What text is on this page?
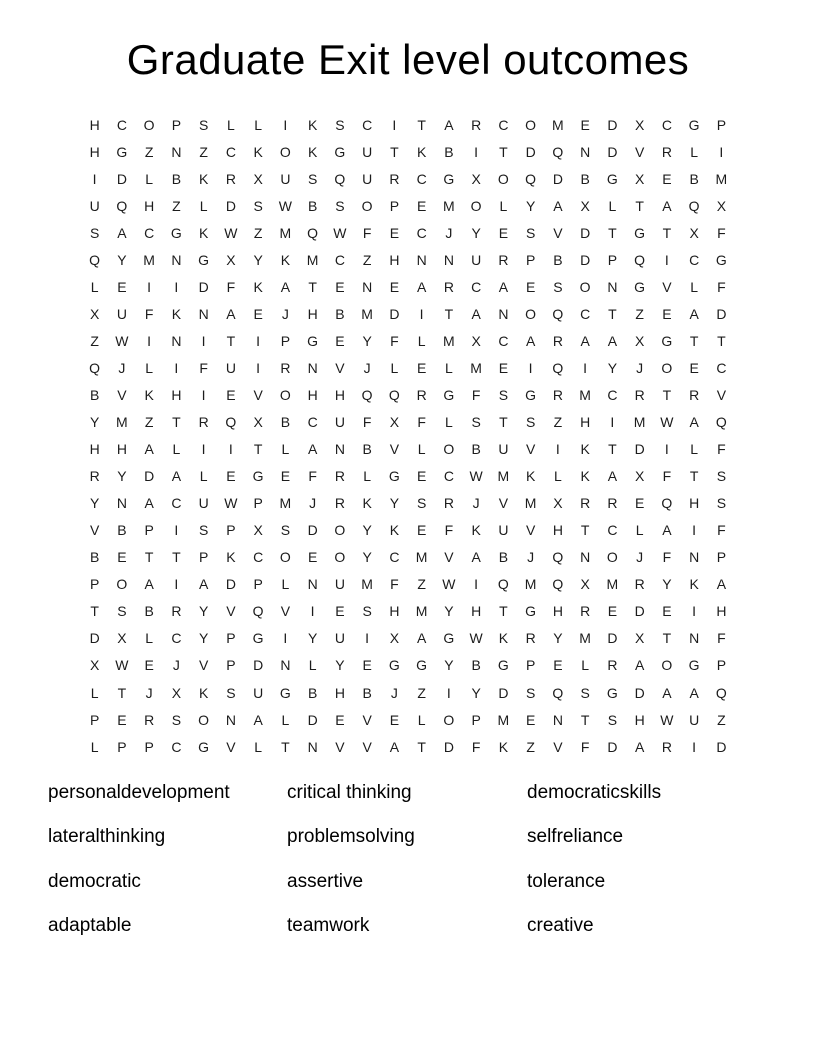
Graduate Exit level outcomes
H	C	O	P	S	L	L	I	K	S	C	I	T	A	R	C	O	M	E	D	X	C	G	P
H	G	Z	N	Z	C	K	O	K	G	U	T	K	B	I	T	D	Q	N	D	V	R	L	I
I	D	L	B	K	R	X	U	S	Q	U	R	C	G	X	O	Q	D	B	G	X	E	B	M
U	Q	H	Z	L	D	S	W	B	S	O	P	E	M	O	L	Y	A	X	L	T	A	Q	X
S	A	C	G	K	W	Z	M	Q	W	F	E	C	J	Y	E	S	V	D	T	G	T	X	F
Q	Y	M	N	G	X	Y	K	M	C	Z	H	N	N	U	R	P	B	D	P	Q	I	C	G
L	E	I	I	D	F	K	A	T	E	N	E	A	R	C	A	E	S	O	N	G	V	L	F
X	U	F	K	N	A	E	J	H	B	M	D	I	T	A	N	O	Q	C	T	Z	E	A	D
Z	W	I	N	I	T	I	P	G	E	Y	F	L	M	X	C	A	R	A	A	X	G	T	T
Q	J	L	I	F	U	I	R	N	V	J	L	E	L	M	E	I	Q	I	Y	J	O	E	C
B	V	K	H	I	E	V	O	H	H	Q	Q	R	G	F	S	G	R	M	C	R	T	R	V
Y	M	Z	T	R	Q	X	B	C	U	F	X	F	L	S	T	S	Z	H	I	M	W	A	Q
H	H	A	L	I	I	T	L	A	N	B	V	L	O	B	U	V	I	K	T	D	I	L	F
R	Y	D	A	L	E	G	E	F	R	L	G	E	C	W	M	K	L	K	A	X	F	T	S
Y	N	A	C	U	W	P	M	J	R	K	Y	S	R	J	V	M	X	R	R	E	Q	H	S
V	B	P	I	S	P	X	S	D	O	Y	K	E	F	K	U	V	H	T	C	L	A	I	F
B	E	T	T	P	K	C	O	E	O	Y	C	M	V	A	B	J	Q	N	O	J	F	N	P
P	O	A	I	A	D	P	L	N	U	M	F	Z	W	I	Q	M	Q	X	M	R	Y	K	A
T	S	B	R	Y	V	Q	V	I	E	S	H	M	Y	H	T	G	H	R	E	D	E	I	H
D	X	L	C	Y	P	G	I	Y	U	I	X	A	G	W	K	R	Y	M	D	X	T	N	F
X	W	E	J	V	P	D	N	L	Y	E	G	G	Y	B	G	P	E	L	R	A	O	G	P
L	T	J	X	K	S	U	G	B	H	B	J	Z	I	Y	D	S	Q	S	G	D	A	A	Q
P	E	R	S	O	N	A	L	D	E	V	E	L	O	P	M	E	N	T	S	H	W	U	Z
L	P	P	C	G	V	L	T	N	V	V	A	T	D	F	K	Z	V	F	D	A	R	I	D
personaldevelopment	critical thinking	democraticskills
lateralthinking	problemsolving	selfreliance
democratic	assertive	tolerance
adaptable	teamwork	creative
